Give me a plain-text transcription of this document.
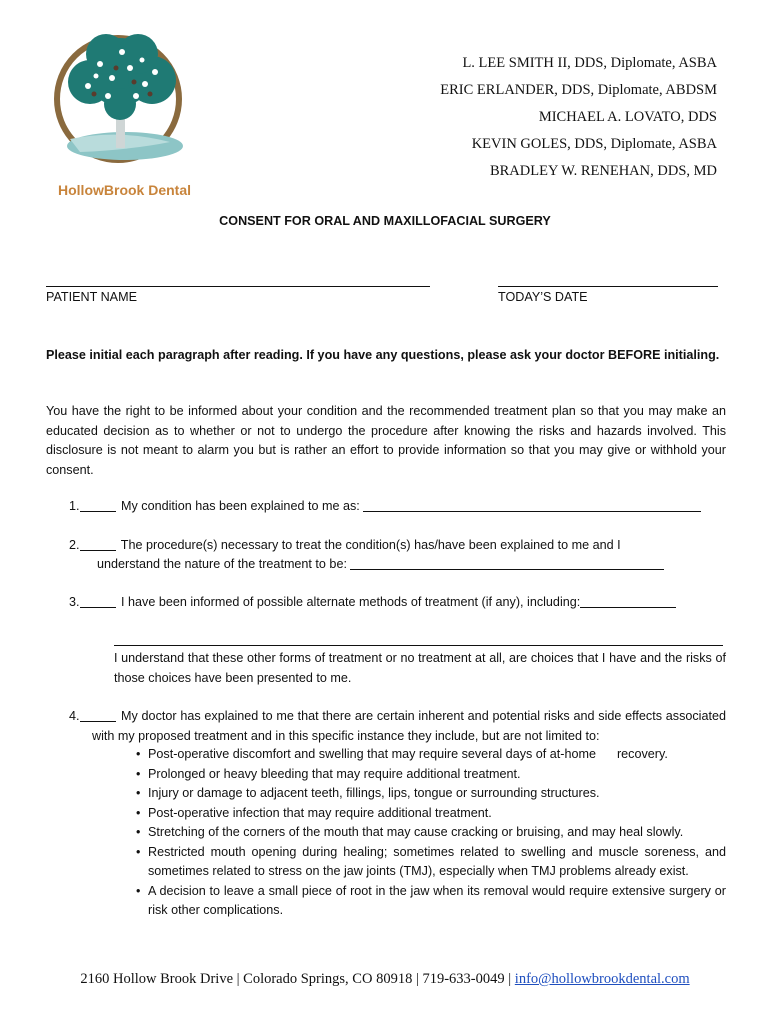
HollowBrook Dental
L. LEE SMITH II, DDS, Diplomate, ASBA
ERIC ERLANDER, DDS, Diplomate, ABDSM
MICHAEL A. LOVATO, DDS
KEVIN GOLES, DDS, Diplomate, ASBA
BRADLEY W. RENEHAN, DDS, MD
CONSENT FOR ORAL AND MAXILLOFACIAL SURGERY
PATIENT NAME	TODAY’S DATE
Please initial each paragraph after reading. If you have any questions, please ask your doctor BEFORE initialing.
You have the right to be informed about your condition and the recommended treatment plan so that you may make an educated decision as to whether or not to undergo the procedure after knowing the risks and hazards involved. This disclosure is not meant to alarm you but is rather an effort to provide information so that you may give or withhold your consent.
1.	My condition has been explained to me as:
2.	The procedure(s) necessary to treat the condition(s) has/have been explained to me and I
understand the nature of the treatment to be:
3.	I have been informed of possible alternate methods of treatment (if any), including:
I understand that these other forms of treatment or no treatment at all, are choices that I have and the risks of those choices have been presented to me.
4.	My doctor has explained to me that there are certain inherent and potential risks and side effects associated with my proposed treatment and in this specific instance they include, but are not limited to:
• Post-operative discomfort and swelling that may require several days of at-home      recovery.
• Prolonged or heavy bleeding that may require additional treatment.
• Injury or damage to adjacent teeth, fillings, lips, tongue or surrounding structures.
• Post-operative infection that may require additional treatment.
• Stretching of the corners of the mouth that may cause cracking or bruising, and may heal slowly.
• Restricted mouth opening during healing; sometimes related to swelling and muscle soreness, and sometimes related to stress on the jaw joints (TMJ), especially when TMJ problems already exist.
• A decision to leave a small piece of root in the jaw when its removal would require extensive surgery or risk other complications.
2160 Hollow Brook Drive | Colorado Springs, CO 80918 | 719-633-0049 | info@hollowbrookdental.com
